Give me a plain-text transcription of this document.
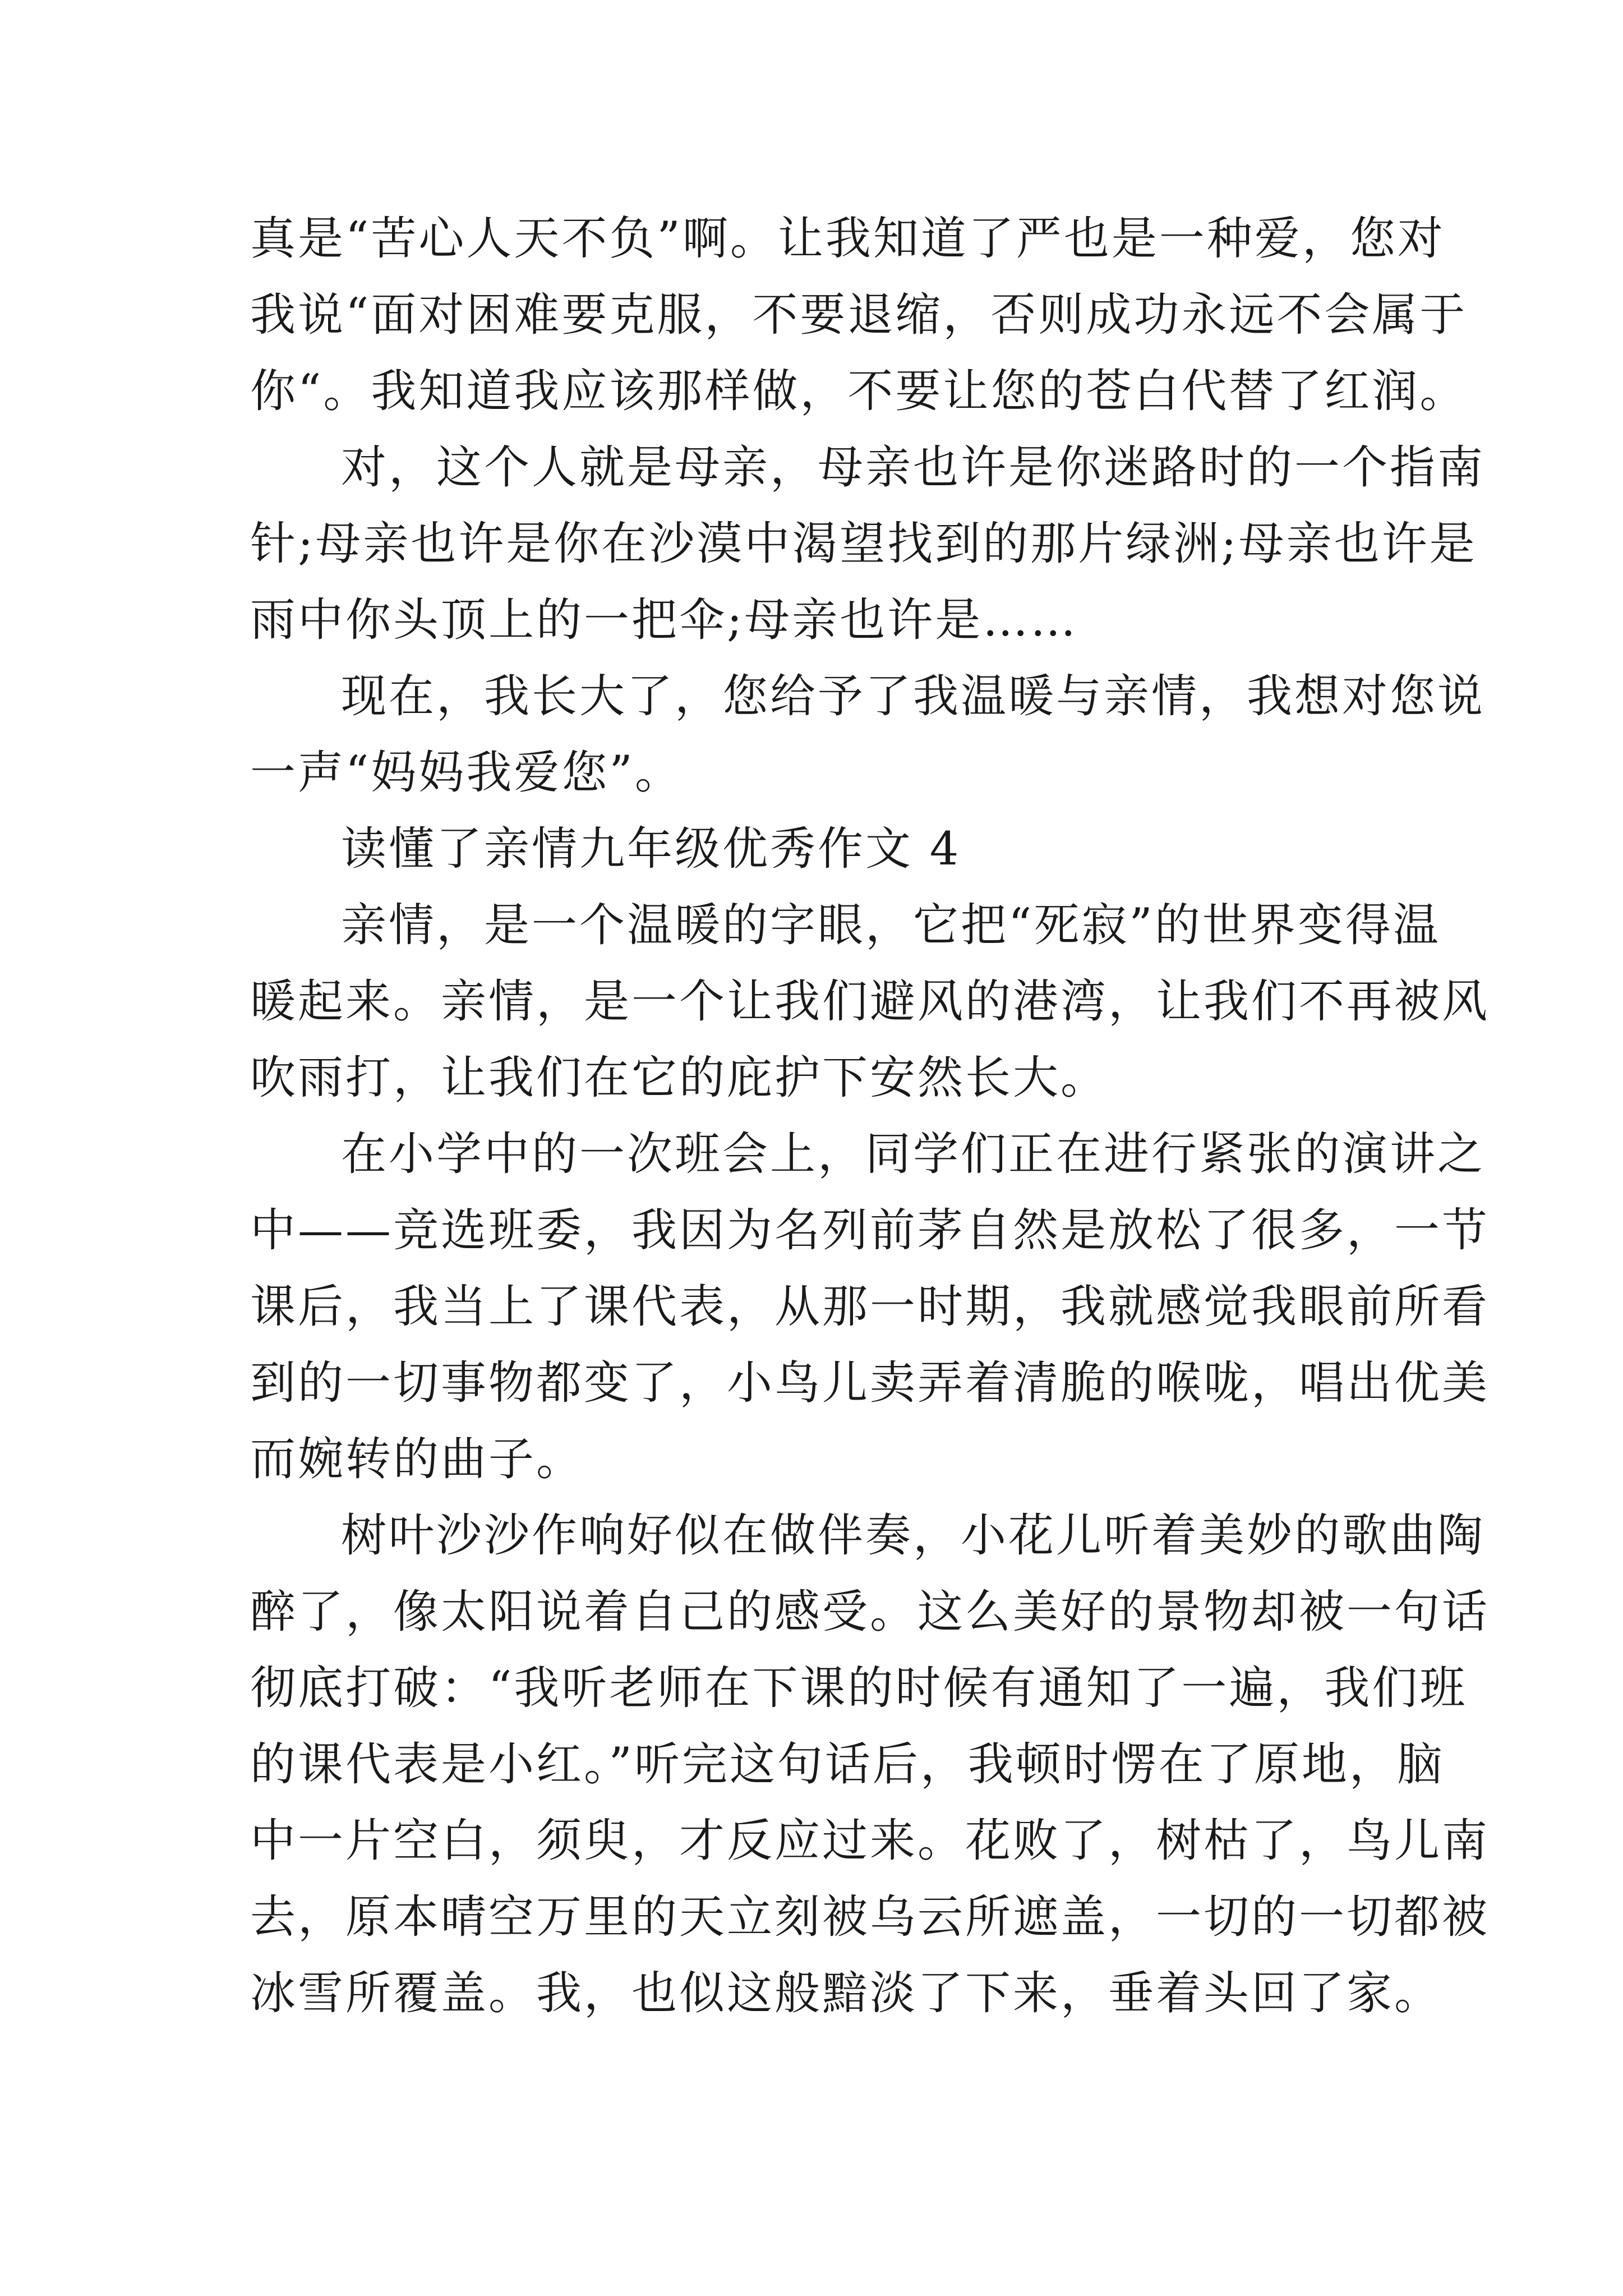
真是“苦心人天不负”啊。让我知道了严也是一种爱，您对
我说“面对困难要克服，不要退缩，否则成功永远不会属于
你“。我知道我应该那样做，不要让您的苍白代替了红润。
对，这个人就是母亲，母亲也许是你迷路时的一个指南
针;母亲也许是你在沙漠中渴望找到的那片绿洲;母亲也许是
雨中你头顶上的一把伞;母亲也许是……
现在，我长大了，您给予了我温暖与亲情，我想对您说
一声“妈妈我爱您”。
读懂了亲情九年级优秀作文 4
亲情，是一个温暖的字眼，它把“死寂”的世界变得温
暖起来。亲情，是一个让我们避风的港湾，让我们不再被风
吹雨打，让我们在它的庇护下安然长大。
在小学中的一次班会上，同学们正在进行紧张的演讲之
中——竞选班委，我因为名列前茅自然是放松了很多，一节
课后，我当上了课代表，从那一时期，我就感觉我眼前所看
到的一切事物都变了，小鸟儿卖弄着清脆的喉咙，唱出优美
而婉转的曲子。
树叶沙沙作响好似在做伴奏，小花儿听着美妙的歌曲陶
醉了，像太阳说着自己的感受。这么美好的景物却被一句话
彻底打破：“我听老师在下课的时候有通知了一遍，我们班
的课代表是小红。”听完这句话后，我顿时愣在了原地，脑
中一片空白，须臾，才反应过来。花败了，树枯了，鸟儿南
去，原本晴空万里的天立刻被乌云所遮盖，一切的一切都被
冰雪所覆盖。我，也似这般黯淡了下来，垂着头回了家。
